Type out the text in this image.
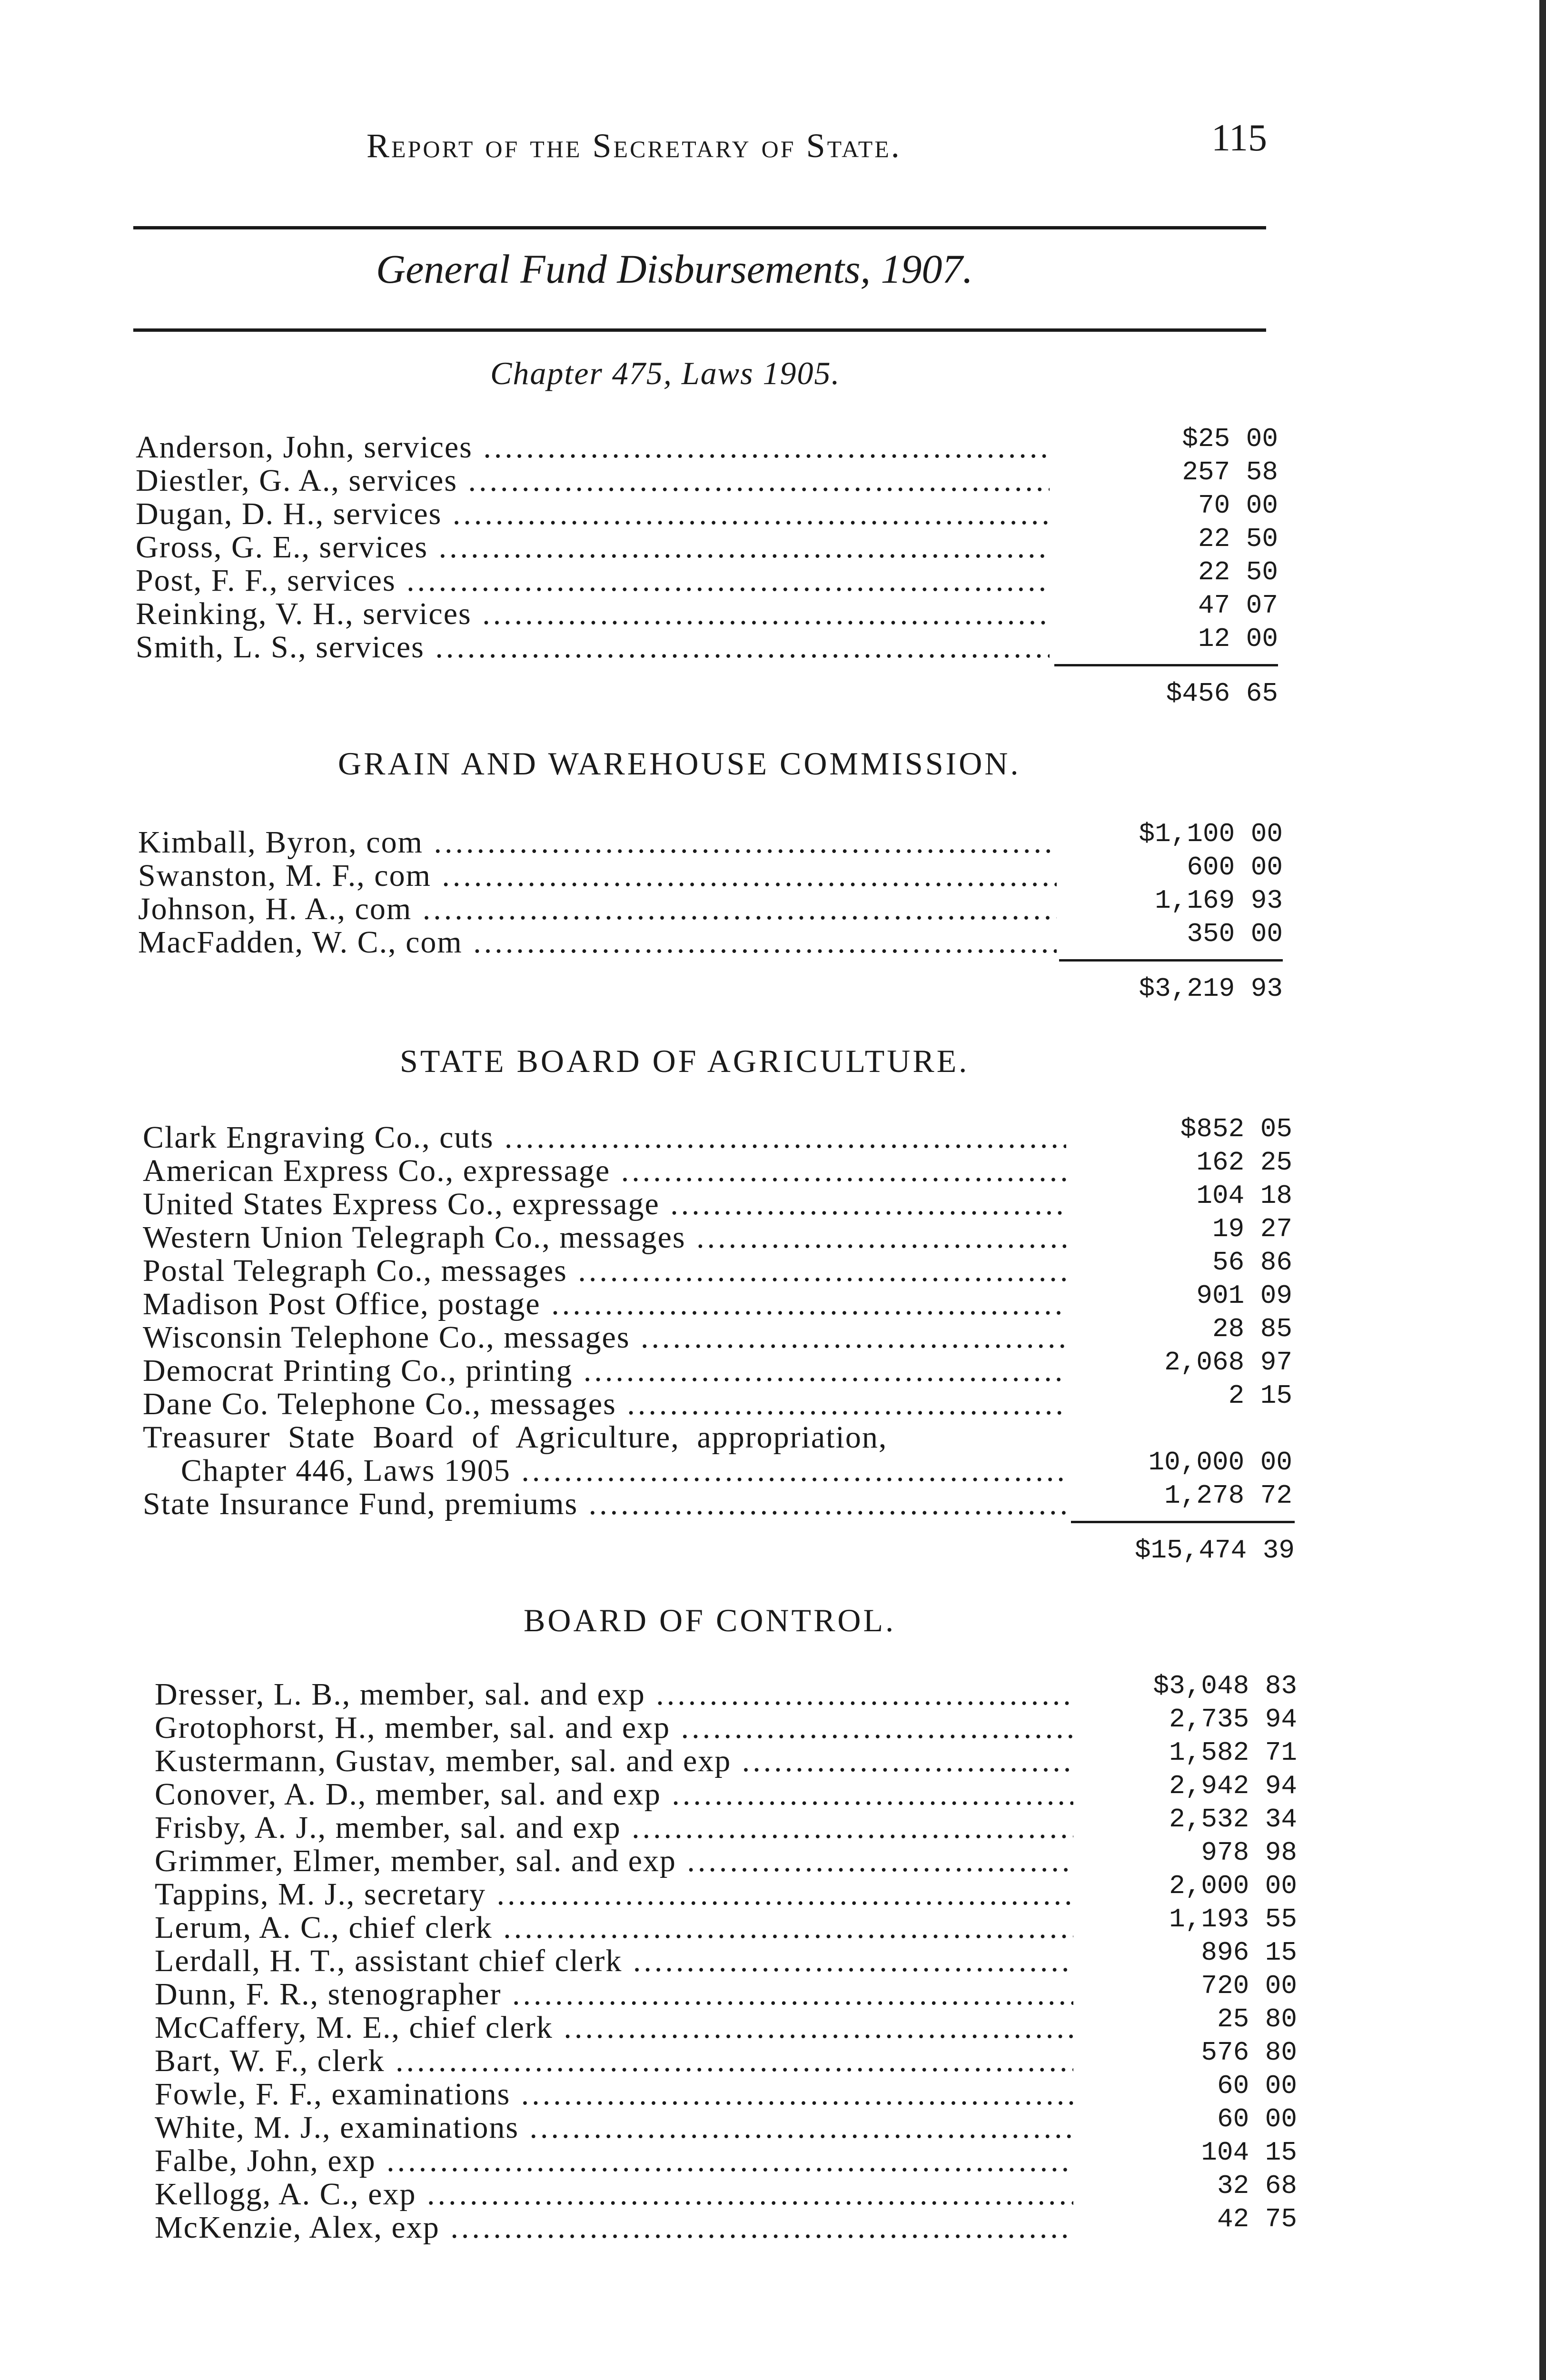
Report of the Secretary of State.	115
General Fund Disbursements, 1907.
Chapter 475, Laws 1905.
Anderson, John, services .....	$25 00
Diestler, G. A., services .....	257 58
Dugan, D. H., services .....	70 00
Gross, G. E., services .....	22 50
Post, F. F., services .....	22 50
Reinking, V. H., services .....	47 07
Smith, L. S., services .....	12 00
$456 65
GRAIN AND WAREHOUSE COMMISSION.
Kimball, Byron, com .....	$1,100 00
Swanston, M. F., com .....	600 00
Johnson, H. A., com .....	1,169 93
MacFadden, W. C., com .....	350 00
$3,219 93
STATE BOARD OF AGRICULTURE.
Clark Engraving Co., cuts .....	$852 05
American Express Co., expressage .....	162 25
United States Express Co., expressage .....	104 18
Western Union Telegraph Co., messages .....	19 27
Postal Telegraph Co., messages .....	56 86
Madison Post Office, postage .....	901 09
Wisconsin Telephone Co., messages .....	28 85
Democrat Printing Co., printing .....	2,068 97
Dane Co. Telephone Co., messages .....	2 15
Treasurer State Board of Agriculture, appropriation,
Chapter 446, Laws 1905 .....	10,000 00
State Insurance Fund, premiums .....	1,278 72
$15,474 39
BOARD OF CONTROL.
Dresser, L. B., member, sal. and exp .....	$3,048 83
Grotophorst, H., member, sal. and exp .....	2,735 94
Kustermann, Gustav, member, sal. and exp .....	1,582 71
Conover, A. D., member, sal. and exp .....	2,942 94
Frisby, A. J., member, sal. and exp .....	2,532 34
Grimmer, Elmer, member, sal. and exp .....	978 98
Tappins, M. J., secretary .....	2,000 00
Lerum, A. C., chief clerk .....	1,193 55
Lerdall, H. T., assistant chief clerk .....	896 15
Dunn, F. R., stenographer .....	720 00
McCaffery, M. E., chief clerk .....	25 80
Bart, W. F., clerk .....	576 80
Fowle, F. F., examinations .....	60 00
White, M. J., examinations .....	60 00
Falbe, John, exp .....	104 15
Kellogg, A. C., exp .....	32 68
McKenzie, Alex, exp .....	42 75
